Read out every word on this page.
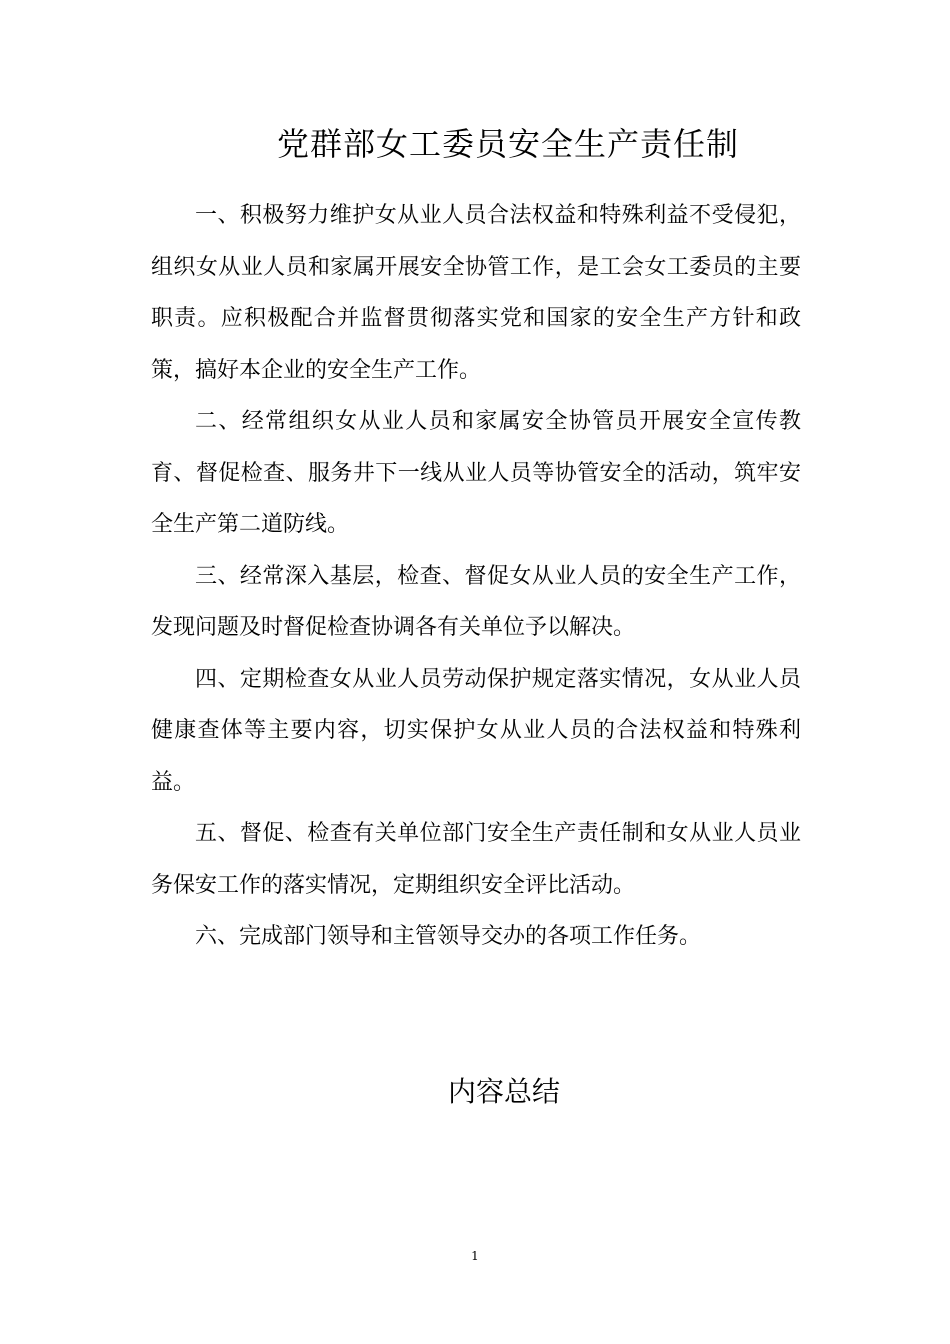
党群部女工委员安全生产责任制

一、积极努力维护女从业人员合法权益和特殊利益不受侵犯，组织女从业人员和家属开展安全协管工作，是工会女工委员的主要职责。应积极配合并监督贯彻落实党和国家的安全生产方针和政策，搞好本企业的安全生产工作。

二、经常组织女从业人员和家属安全协管员开展安全宣传教育、督促检查、服务井下一线从业人员等协管安全的活动，筑牢安全生产第二道防线。

三、经常深入基层，检查、督促女从业人员的安全生产工作，发现问题及时督促检查协调各有关单位予以解决。

四、定期检查女从业人员劳动保护规定落实情况，女从业人员健康查体等主要内容，切实保护女从业人员的合法权益和特殊利益。

五、督促、检查有关单位部门安全生产责任制和女从业人员业务保安工作的落实情况，定期组织安全评比活动。

六、完成部门领导和主管领导交办的各项工作任务。

内容总结
1
